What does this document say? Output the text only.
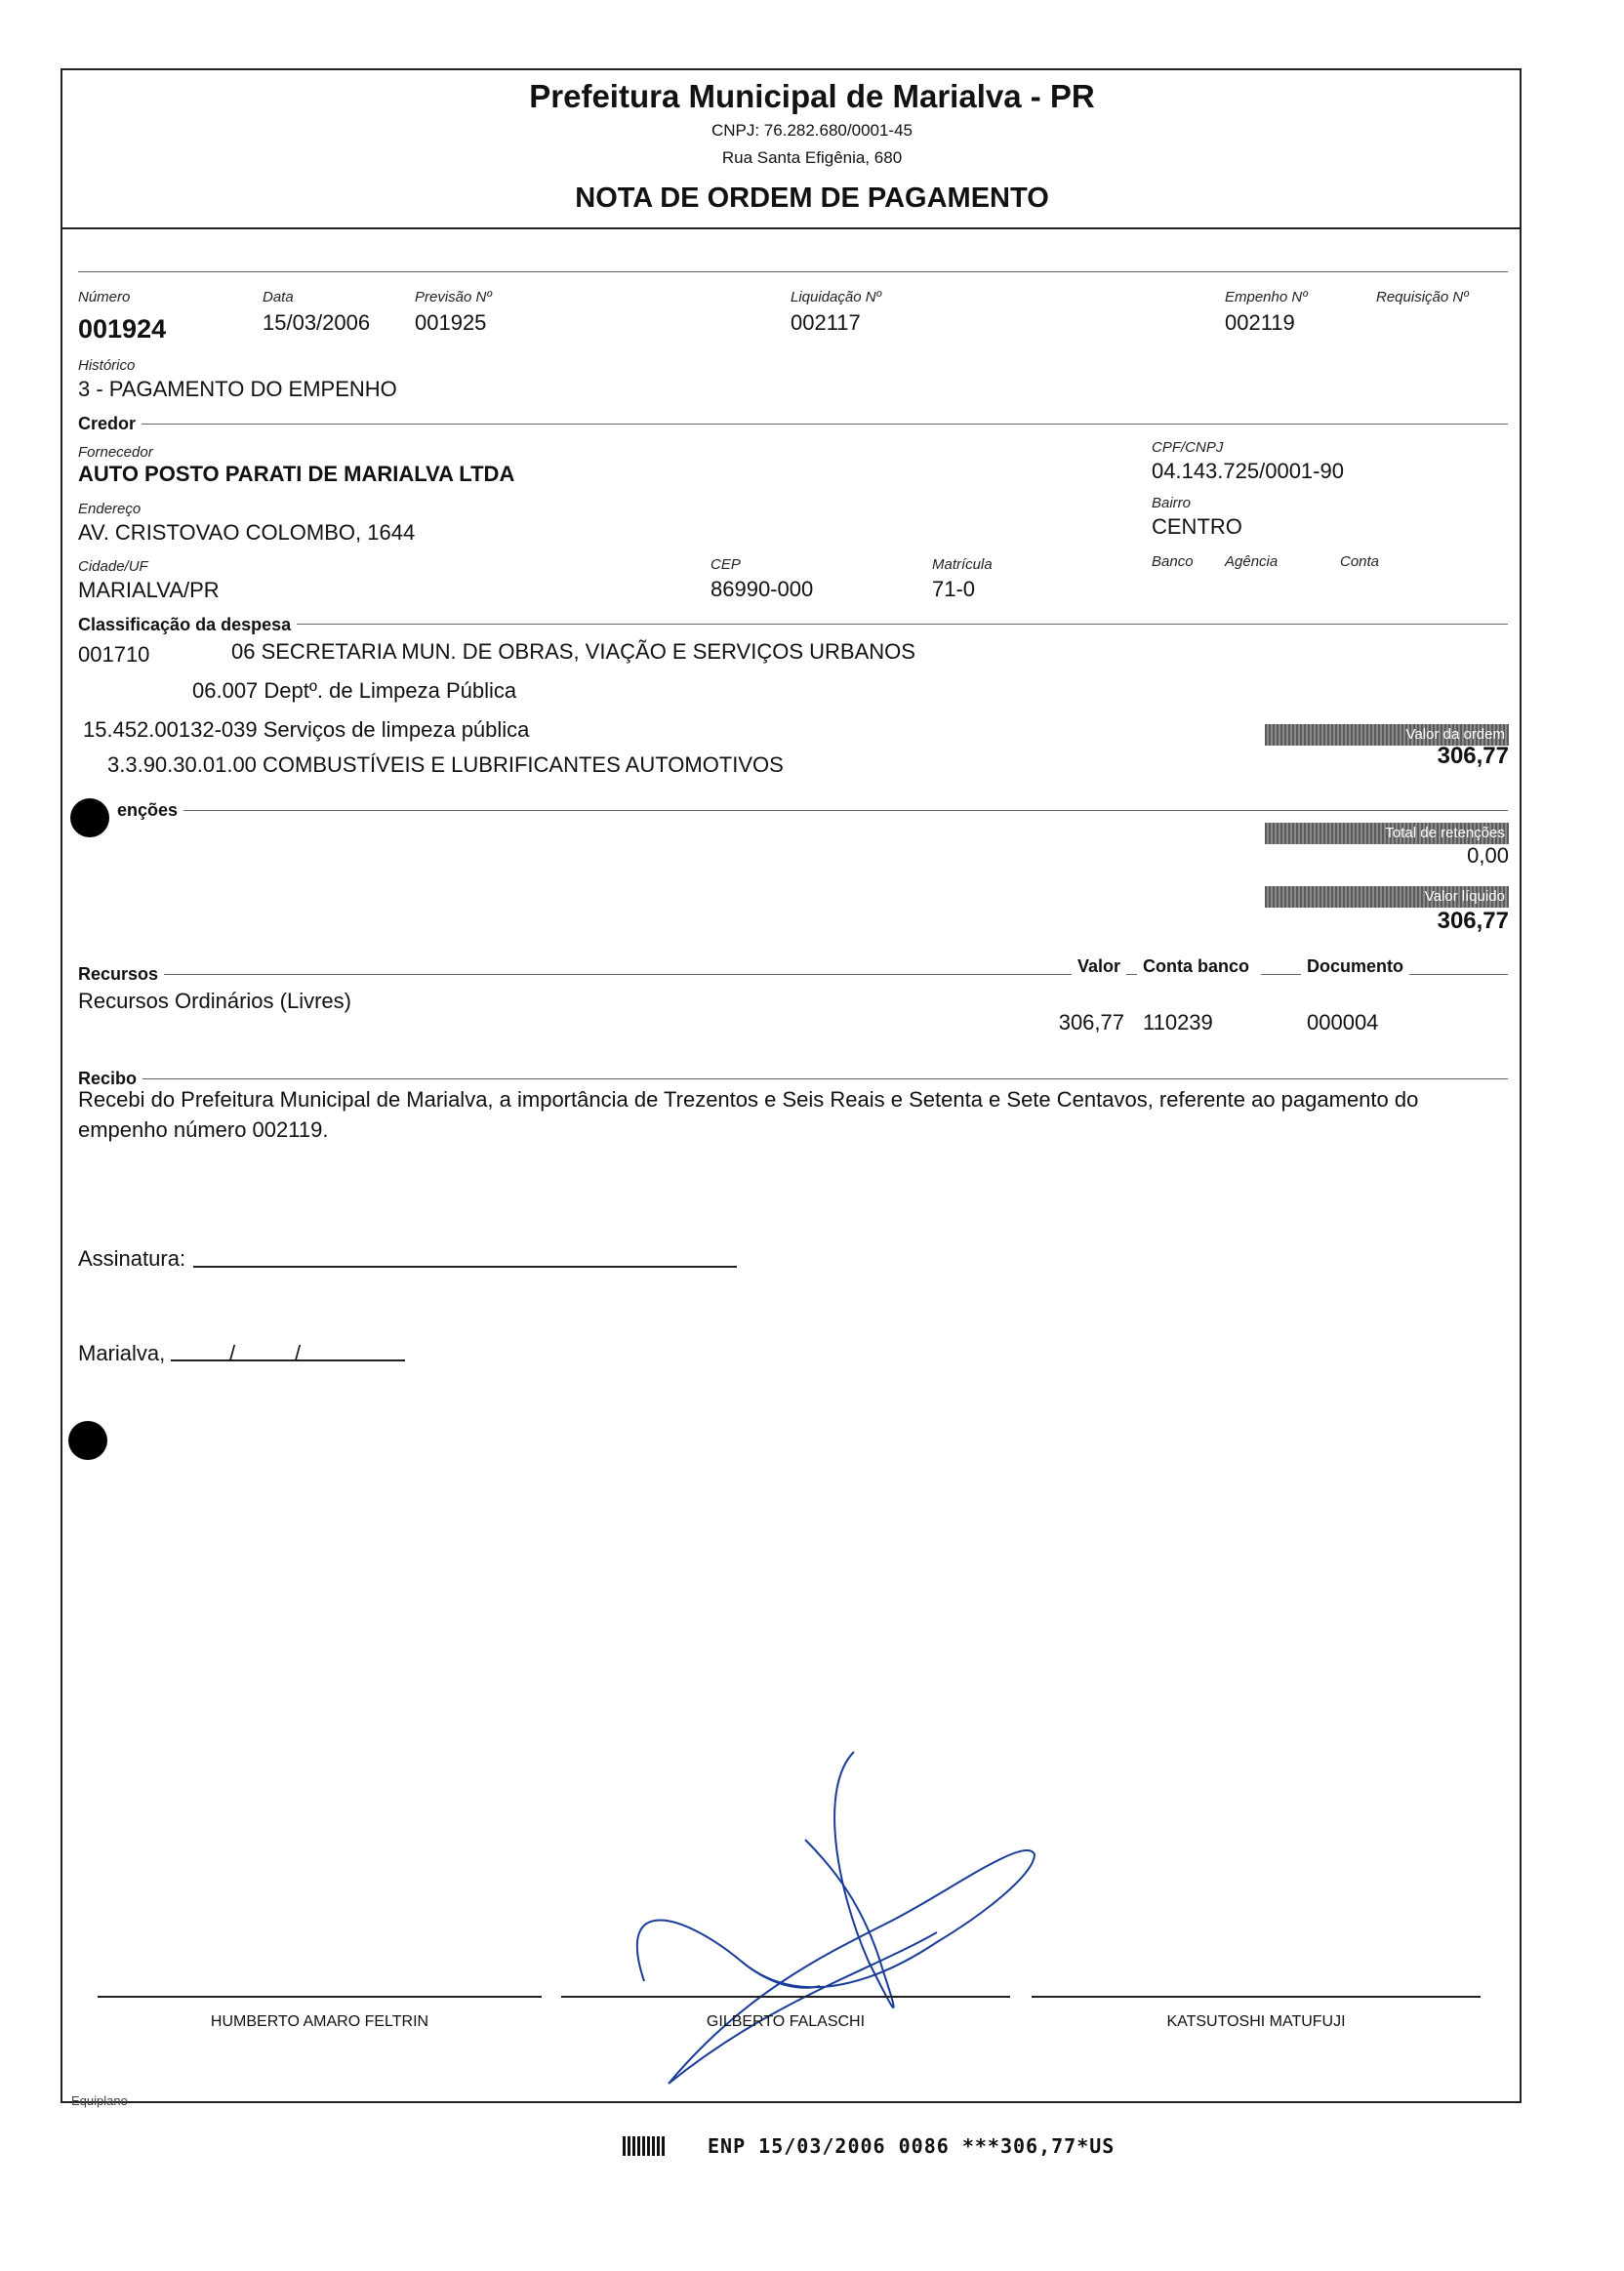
Prefeitura Municipal de Marialva - PR
CNPJ: 76.282.680/0001-45
Rua Santa Efigênia, 680
NOTA DE ORDEM DE PAGAMENTO
Número
001924
Data
15/03/2006
Previsão Nº
001925
Liquidação Nº
002117
Empenho Nº
002119
Requisição Nº
Histórico
3 - PAGAMENTO DO EMPENHO
Credor
Fornecedor
AUTO POSTO PARATI DE MARIALVA LTDA
CPF/CNPJ
04.143.725/0001-90
Endereço
AV. CRISTOVAO COLOMBO, 1644
Bairro
CENTRO
Cidade/UF
MARIALVA/PR
CEP
86990-000
Matrícula
71-0
Banco Agência	Conta
Classificação da despesa
001710	06 SECRETARIA MUN. DE OBRAS, VIAÇÃO E SERVIÇOS URBANOS
06.007 Deptº. de Limpeza Pública
15.452.00132-039 Serviços de limpeza pública
3.3.90.30.01.00 COMBUSTÍVEIS E LUBRIFICANTES AUTOMOTIVOS
Valor da ordem
306,77
Total de retenções
0,00
Valor líquido
306,77
enções
Recursos	Valor	Conta banco	Documento
Recursos Ordinários (Livres)
306,77 110239	000004
Recibo
Recebi do Prefeitura Municipal de Marialva, a importância de Trezentos e Seis Reais e Setenta e Sete Centavos, referente ao pagamento do
empenho número 002119.
Assinatura:
Marialva,	/	/
HUMBERTO AMARO FELTRIN	GILBERTO FALASCHI	KATSUTOSHI MATUFUJI
Equiplano
ENP 15/03/2006 0086 ***306,77*US
